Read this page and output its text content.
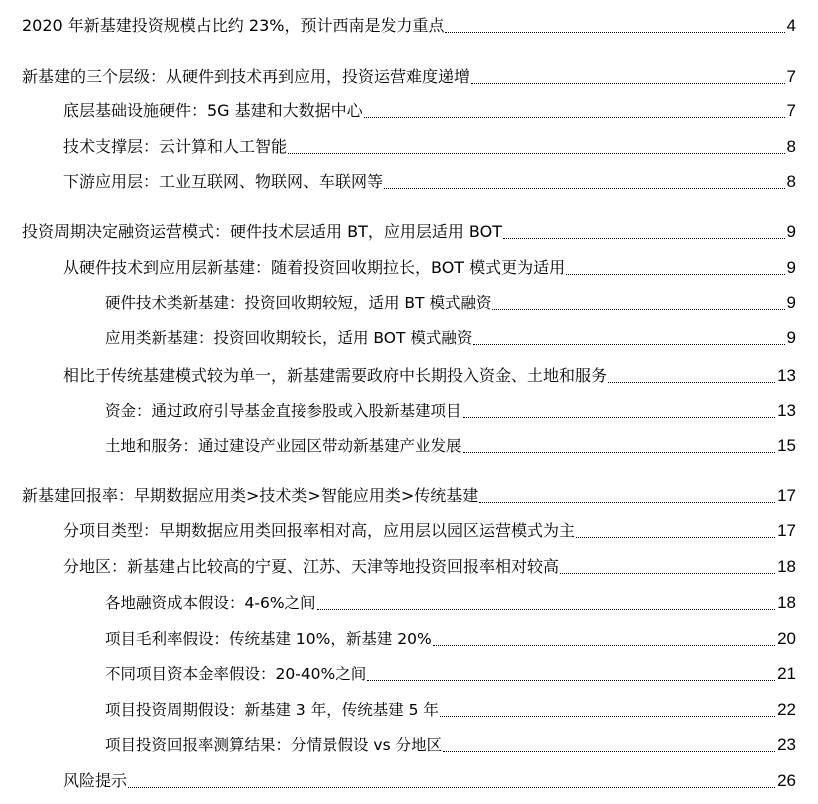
2020 年新基建投资规模占比约 23%，预计西南是发力重点	4
新基建的三个层级：从硬件到技术再到应用，投资运营难度递增	7
底层基础设施硬件：5G 基建和大数据中心	7
技术支撑层：云计算和人工智能	8
下游应用层：工业互联网、物联网、车联网等	8
投资周期决定融资运营模式：硬件技术层适用 BT，应用层适用 BOT	9
从硬件技术到应用层新基建：随着投资回收期拉长，BOT 模式更为适用	9
硬件技术类新基建：投资回收期较短，适用 BT 模式融资	9
应用类新基建：投资回收期较长，适用 BOT 模式融资	9
相比于传统基建模式较为单一，新基建需要政府中长期投入资金、土地和服务	13
资金：通过政府引导基金直接参股或入股新基建项目	13
土地和服务：通过建设产业园区带动新基建产业发展	15
新基建回报率：早期数据应用类>技术类>智能应用类>传统基建	17
分项目类型：早期数据应用类回报率相对高，应用层以园区运营模式为主	17
分地区：新基建占比较高的宁夏、江苏、天津等地投资回报率相对较高	18
各地融资成本假设：4-6%之间	18
项目毛利率假设：传统基建 10%，新基建 20%	20
不同项目资本金率假设：20-40%之间	21
项目投资周期假设：新基建 3 年，传统基建 5 年	22
项目投资回报率测算结果：分情景假设 vs 分地区	23
风险提示	26
